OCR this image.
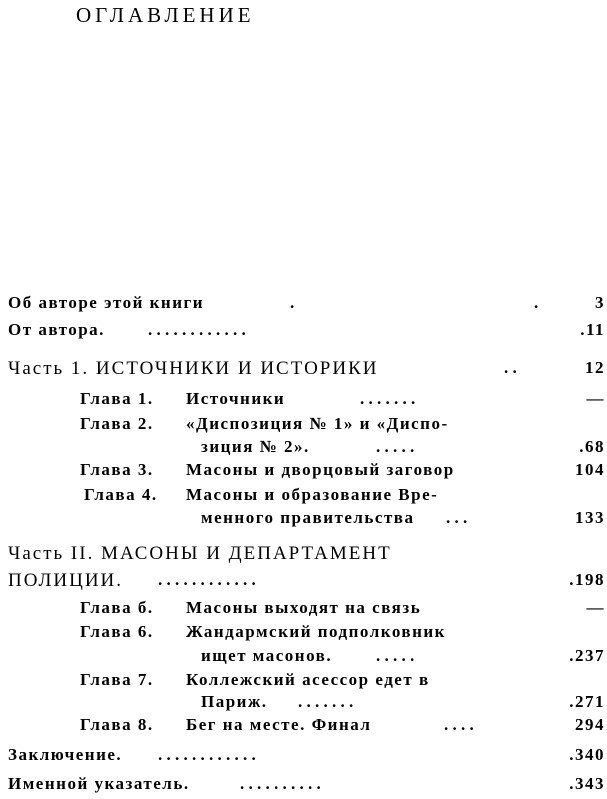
ОГЛАВЛЕНИЕ
Об авторе этой книги	.	.	3
От автора.	. . . . . . . . . . . .	.11
Часть 1. ИСТОЧНИКИ И ИСТОРИКИ	. .	12
Глава 1. Источники	. . . . . . .	—
Глава 2. «Диспозиция № 1» и «Диспо-
зиция № 2».	. . . . .	.68
Глава 3. Масоны и дворцовый заговор	104
Глава 4. Масоны и образование Вре-
менного правительства . . .	133
Часть II. МАСОНЫ И ДЕПАРТАМЕНТ
ПОЛИЦИИ. . . . . . . . . . . . .	.198
Глава б. Масоны выходят на связь	—
Глава 6. Жандармский подполковник
ищет масонов.	. . . . .	.237
Глава 7. Коллежский асессор едет в
Париж. . . . . . . .	.271
Глава 8. Бег на месте. Финал	. . . .	294
Заключение. . . . . . . . . . . . .	.340
Именной указатель.	. . . . . . . . . .	.343
